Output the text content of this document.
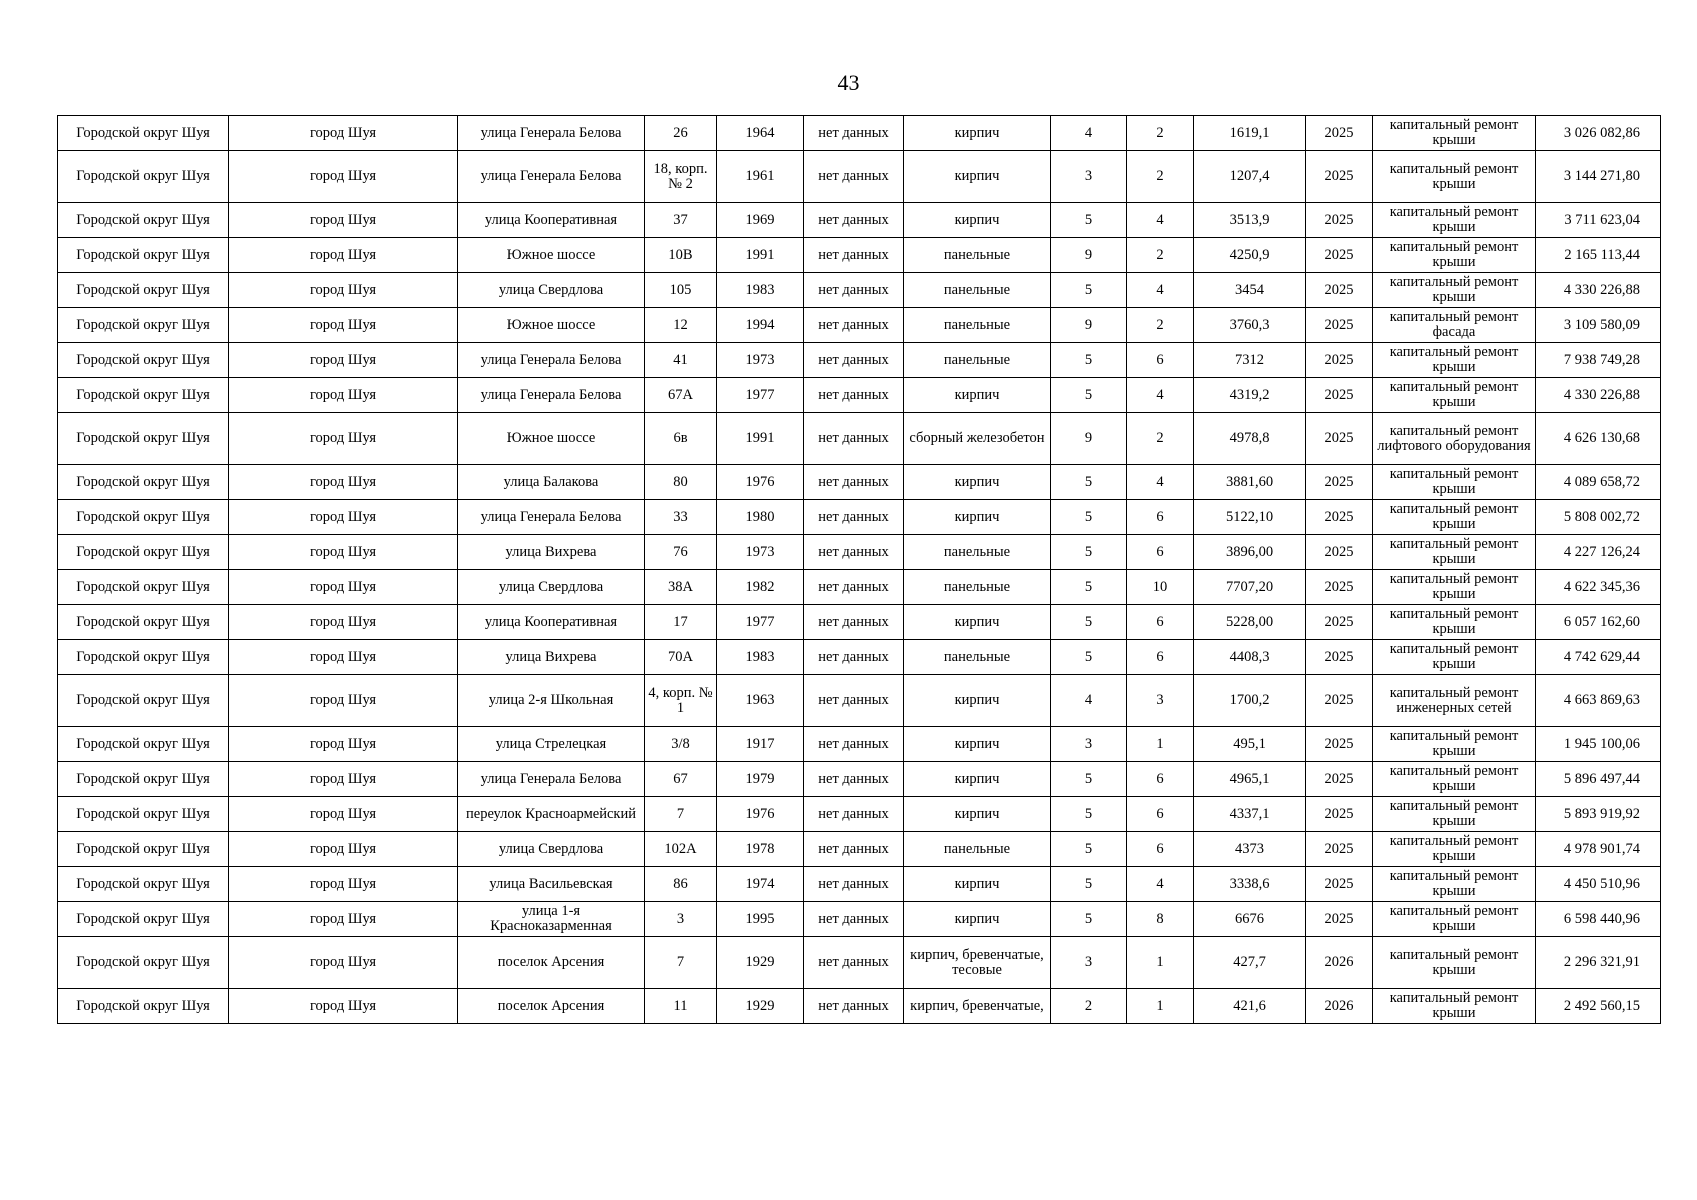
43
Городской округ Шуя	город Шуя	улица Генерала Белова	26	1964	нет данных	кирпич	4	2	1619,1	2025	капитальный ремонт крыши	3 026 082,86
Городской округ Шуя	город Шуя	улица Генерала Белова	18, корп. № 2	1961	нет данных	кирпич	3	2	1207,4	2025	капитальный ремонт крыши	3 144 271,80
Городской округ Шуя	город Шуя	улица Кооперативная	37	1969	нет данных	кирпич	5	4	3513,9	2025	капитальный ремонт крыши	3 711 623,04
Городской округ Шуя	город Шуя	Южное шоссе	10В	1991	нет данных	панельные	9	2	4250,9	2025	капитальный ремонт крыши	2 165 113,44
Городской округ Шуя	город Шуя	улица Свердлова	105	1983	нет данных	панельные	5	4	3454	2025	капитальный ремонт крыши	4 330 226,88
Городской округ Шуя	город Шуя	Южное шоссе	12	1994	нет данных	панельные	9	2	3760,3	2025	капитальный ремонт фасада	3 109 580,09
Городской округ Шуя	город Шуя	улица Генерала Белова	41	1973	нет данных	панельные	5	6	7312	2025	капитальный ремонт крыши	7 938 749,28
Городской округ Шуя	город Шуя	улица Генерала Белова	67А	1977	нет данных	кирпич	5	4	4319,2	2025	капитальный ремонт крыши	4 330 226,88
Городской округ Шуя	город Шуя	Южное шоссе	6в	1991	нет данных	сборный железобетон	9	2	4978,8	2025	капитальный ремонт лифтового оборудования	4 626 130,68
Городской округ Шуя	город Шуя	улица Балакова	80	1976	нет данных	кирпич	5	4	3881,60	2025	капитальный ремонт крыши	4 089 658,72
Городской округ Шуя	город Шуя	улица Генерала Белова	33	1980	нет данных	кирпич	5	6	5122,10	2025	капитальный ремонт крыши	5 808 002,72
Городской округ Шуя	город Шуя	улица Вихрева	76	1973	нет данных	панельные	5	6	3896,00	2025	капитальный ремонт крыши	4 227 126,24
Городской округ Шуя	город Шуя	улица Свердлова	38А	1982	нет данных	панельные	5	10	7707,20	2025	капитальный ремонт крыши	4 622 345,36
Городской округ Шуя	город Шуя	улица Кооперативная	17	1977	нет данных	кирпич	5	6	5228,00	2025	капитальный ремонт крыши	6 057 162,60
Городской округ Шуя	город Шуя	улица Вихрева	70А	1983	нет данных	панельные	5	6	4408,3	2025	капитальный ремонт крыши	4 742 629,44
Городской округ Шуя	город Шуя	улица 2-я Школьная	4, корп. № 1	1963	нет данных	кирпич	4	3	1700,2	2025	капитальный ремонт инженерных сетей	4 663 869,63
Городской округ Шуя	город Шуя	улица Стрелецкая	3/8	1917	нет данных	кирпич	3	1	495,1	2025	капитальный ремонт крыши	1 945 100,06
Городской округ Шуя	город Шуя	улица Генерала Белова	67	1979	нет данных	кирпич	5	6	4965,1	2025	капитальный ремонт крыши	5 896 497,44
Городской округ Шуя	город Шуя	переулок Красноармейский	7	1976	нет данных	кирпич	5	6	4337,1	2025	капитальный ремонт крыши	5 893 919,92
Городской округ Шуя	город Шуя	улица Свердлова	102А	1978	нет данных	панельные	5	6	4373	2025	капитальный ремонт крыши	4 978 901,74
Городской округ Шуя	город Шуя	улица Васильевская	86	1974	нет данных	кирпич	5	4	3338,6	2025	капитальный ремонт крыши	4 450 510,96
Городской округ Шуя	город Шуя	улица 1-я Красноказарменная	3	1995	нет данных	кирпич	5	8	6676	2025	капитальный ремонт крыши	6 598 440,96
Городской округ Шуя	город Шуя	поселок Арсения	7	1929	нет данных	кирпич, бревенчатые, тесовые	3	1	427,7	2026	капитальный ремонт крыши	2 296 321,91
Городской округ Шуя	город Шуя	поселок Арсения	11	1929	нет данных	кирпич, бревенчатые,	2	1	421,6	2026	капитальный ремонт крыши	2 492 560,15
